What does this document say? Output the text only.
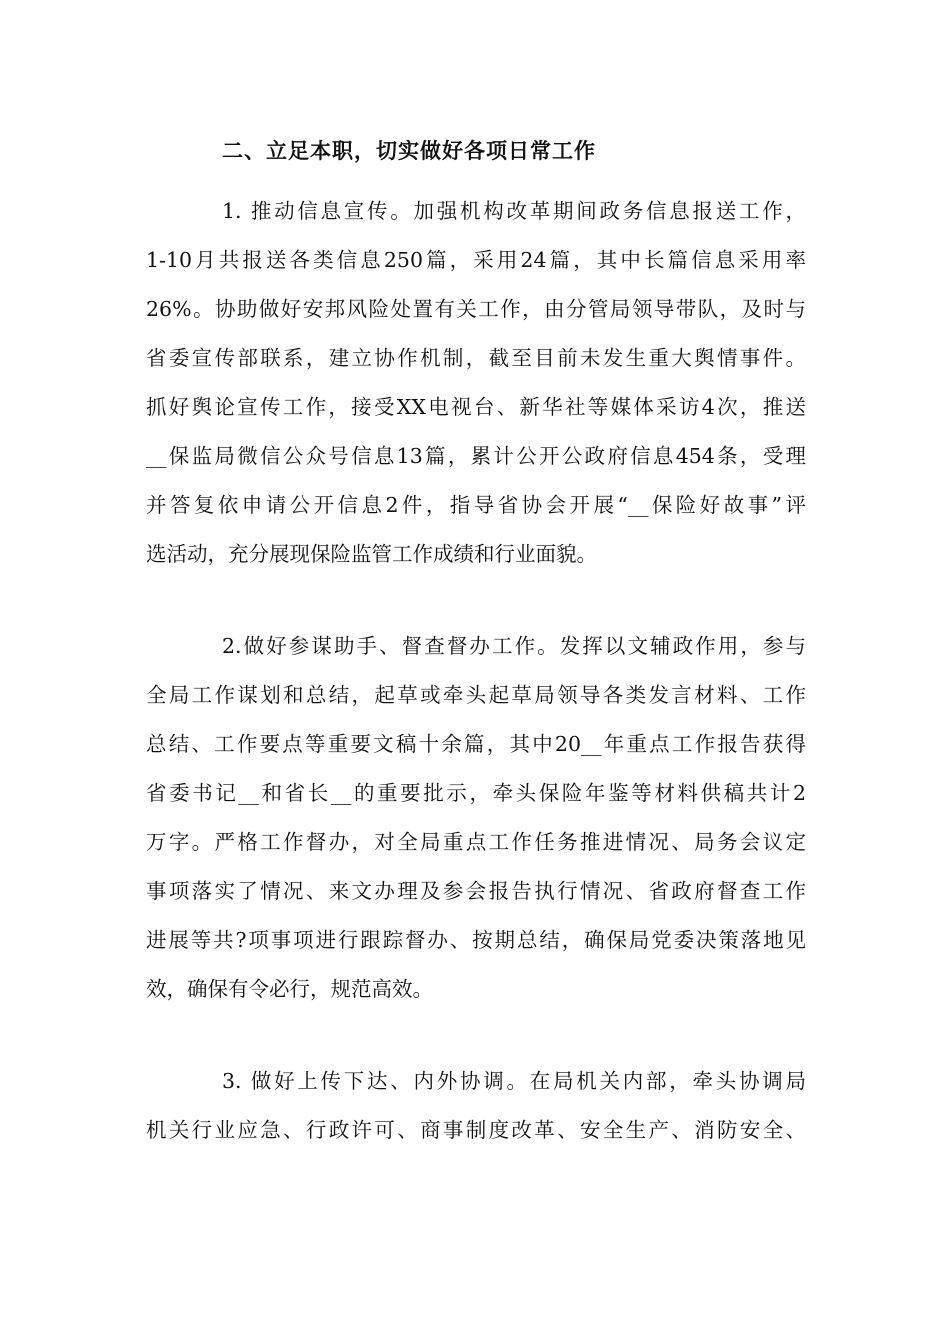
二、立足本职，切实做好各项日常工作
1. 推动信息宣传。加强机构改革期间政务信息报送工作，
1-10月共报送各类信息250篇，采用24篇，其中长篇信息采用率
26%。协助做好安邦风险处置有关工作，由分管局领导带队，及时与
省委宣传部联系，建立协作机制，截至目前未发生重大舆情事件。
抓好舆论宣传工作，接受XX电视台、新华社等媒体采访4次，推送
__保监局微信公众号信息13篇，累计公开公政府信息454条，受理
并答复依申请公开信息2件，指导省协会开展“__保险好故事”评
选活动，充分展现保险监管工作成绩和行业面貌。
2.做好参谋助手、督查督办工作。发挥以文辅政作用，参与
全局工作谋划和总结，起草或牵头起草局领导各类发言材料、工作
总结、工作要点等重要文稿十余篇，其中20__年重点工作报告获得
省委书记__和省长__的重要批示，牵头保险年鉴等材料供稿共计2
万字。严格工作督办，对全局重点工作任务推进情况、局务会议定
事项落实了情况、来文办理及参会报告执行情况、省政府督查工作
进展等共?项事项进行跟踪督办、按期总结，确保局党委决策落地见
效，确保有令必行，规范高效。
3. 做好上传下达、内外协调。在局机关内部，牵头协调局
机关行业应急、行政许可、商事制度改革、安全生产、消防安全、
